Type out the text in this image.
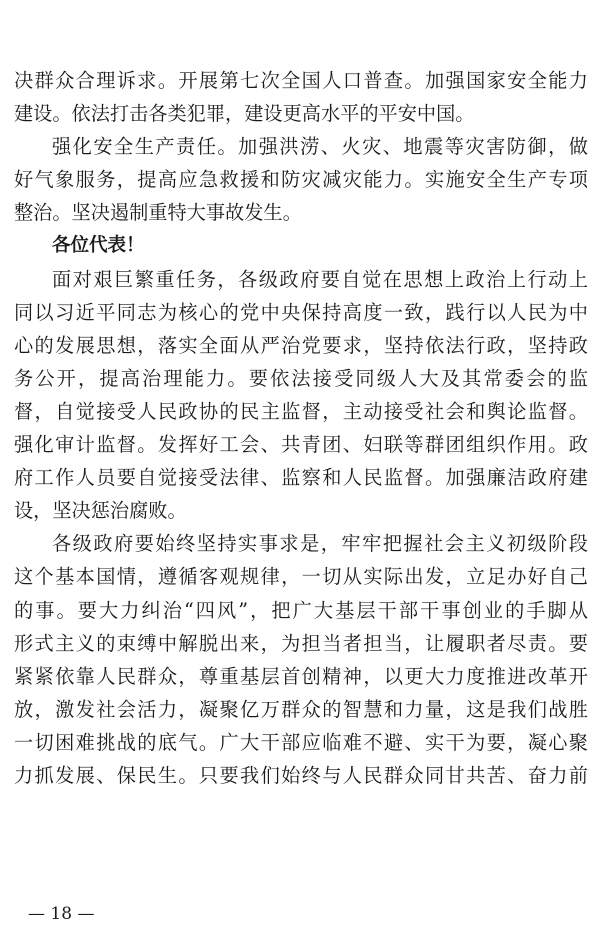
决群众合理诉求。开展第七次全国人口普查。加强国家安全能力
建设。依法打击各类犯罪，建设更高水平的平安中国。
强化安全生产责任。加强洪涝、火灾、地震等灾害防御，做
好气象服务，提高应急救援和防灾减灾能力。实施安全生产专项
整治。坚决遏制重特大事故发生。
各位代表！
面对艰巨繁重任务，各级政府要自觉在思想上政治上行动上
同以习近平同志为核心的党中央保持高度一致，践行以人民为中
心的发展思想，落实全面从严治党要求，坚持依法行政，坚持政
务公开，提高治理能力。要依法接受同级人大及其常委会的监
督，自觉接受人民政协的民主监督，主动接受社会和舆论监督。
强化审计监督。发挥好工会、共青团、妇联等群团组织作用。政
府工作人员要自觉接受法律、监察和人民监督。加强廉洁政府建
设，坚决惩治腐败。
各级政府要始终坚持实事求是，牢牢把握社会主义初级阶段
这个基本国情，遵循客观规律，一切从实际出发，立足办好自己
的事。要大力纠治“四风”，把广大基层干部干事创业的手脚从
形式主义的束缚中解脱出来，为担当者担当，让履职者尽责。要
紧紧依靠人民群众，尊重基层首创精神，以更大力度推进改革开
放，激发社会活力，凝聚亿万群众的智慧和力量，这是我们战胜
一切困难挑战的底气。广大干部应临难不避、实干为要，凝心聚
力抓发展、保民生。只要我们始终与人民群众同甘共苦、奋力前
— 18 —
